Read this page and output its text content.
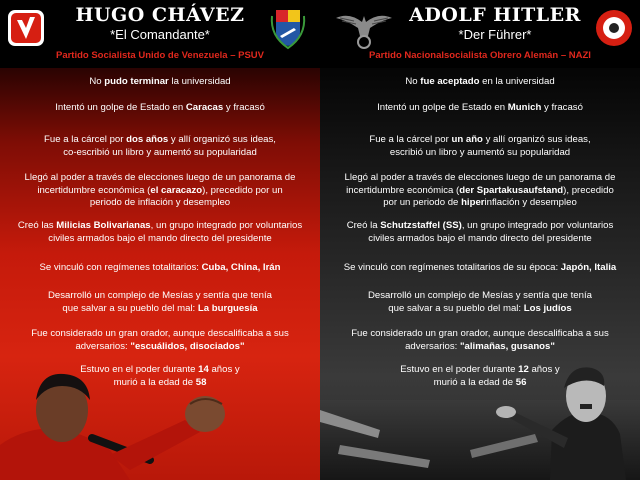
HUGO CHÁVEZ
*El Comandante*
ADOLF HITLER
*Der Führer*
Partido Socialista Unido de Venezuela – PSUV	Partido Nacionalsocialista Obrero Alemán – NAZI
No pudo terminar la universidad
Intentó un golpe de Estado en Caracas y fracasó
Fue a la cárcel por dos años y allí organizó sus ideas,
co-escribió un libro y aumentó su popularidad
Llegó al poder a través de elecciones luego de un panorama de
incertidumbre económica (el caracazo), precedido por un
periodo de inflación y desempleo
Creó las Milicias Bolivarianas, un grupo integrado por voluntarios
civiles armados bajo el mando directo del presidente
Se vinculó con regímenes totalitarios: Cuba, China, Irán
Desarrolló un complejo de Mesías y sentía que tenía
que salvar a su pueblo del mal: La burguesía
Fue considerado un gran orador, aunque descalificaba a sus
adversarios: "escuálidos, disociados"
Estuvo en el poder durante 14 años y
murió a la edad de 58
No fue aceptado en la universidad
Intentó un golpe de Estado en Munich y fracasó
Fue a la cárcel por un año y allí organizó sus ideas,
escribió un libro y aumentó su popularidad
Llegó al poder a través de elecciones luego de un panorama de
incertidumbre económica (der Spartakusaufstand), precedido
por un periodo de hiperinflación y desempleo
Creó la Schutzstaffel (SS), un grupo integrado por voluntarios
civiles armados bajo el mando directo del presidente
Se vinculó con regímenes totalitarios de su época: Japón, Italia
Desarrolló un complejo de Mesías y sentía que tenía
que salvar a su pueblo del mal: Los judíos
Fue considerado un gran orador, aunque descalificaba a sus
adversarios: "alimañas, gusanos"
Estuvo en el poder durante 12 años y
murió a la edad de 56
